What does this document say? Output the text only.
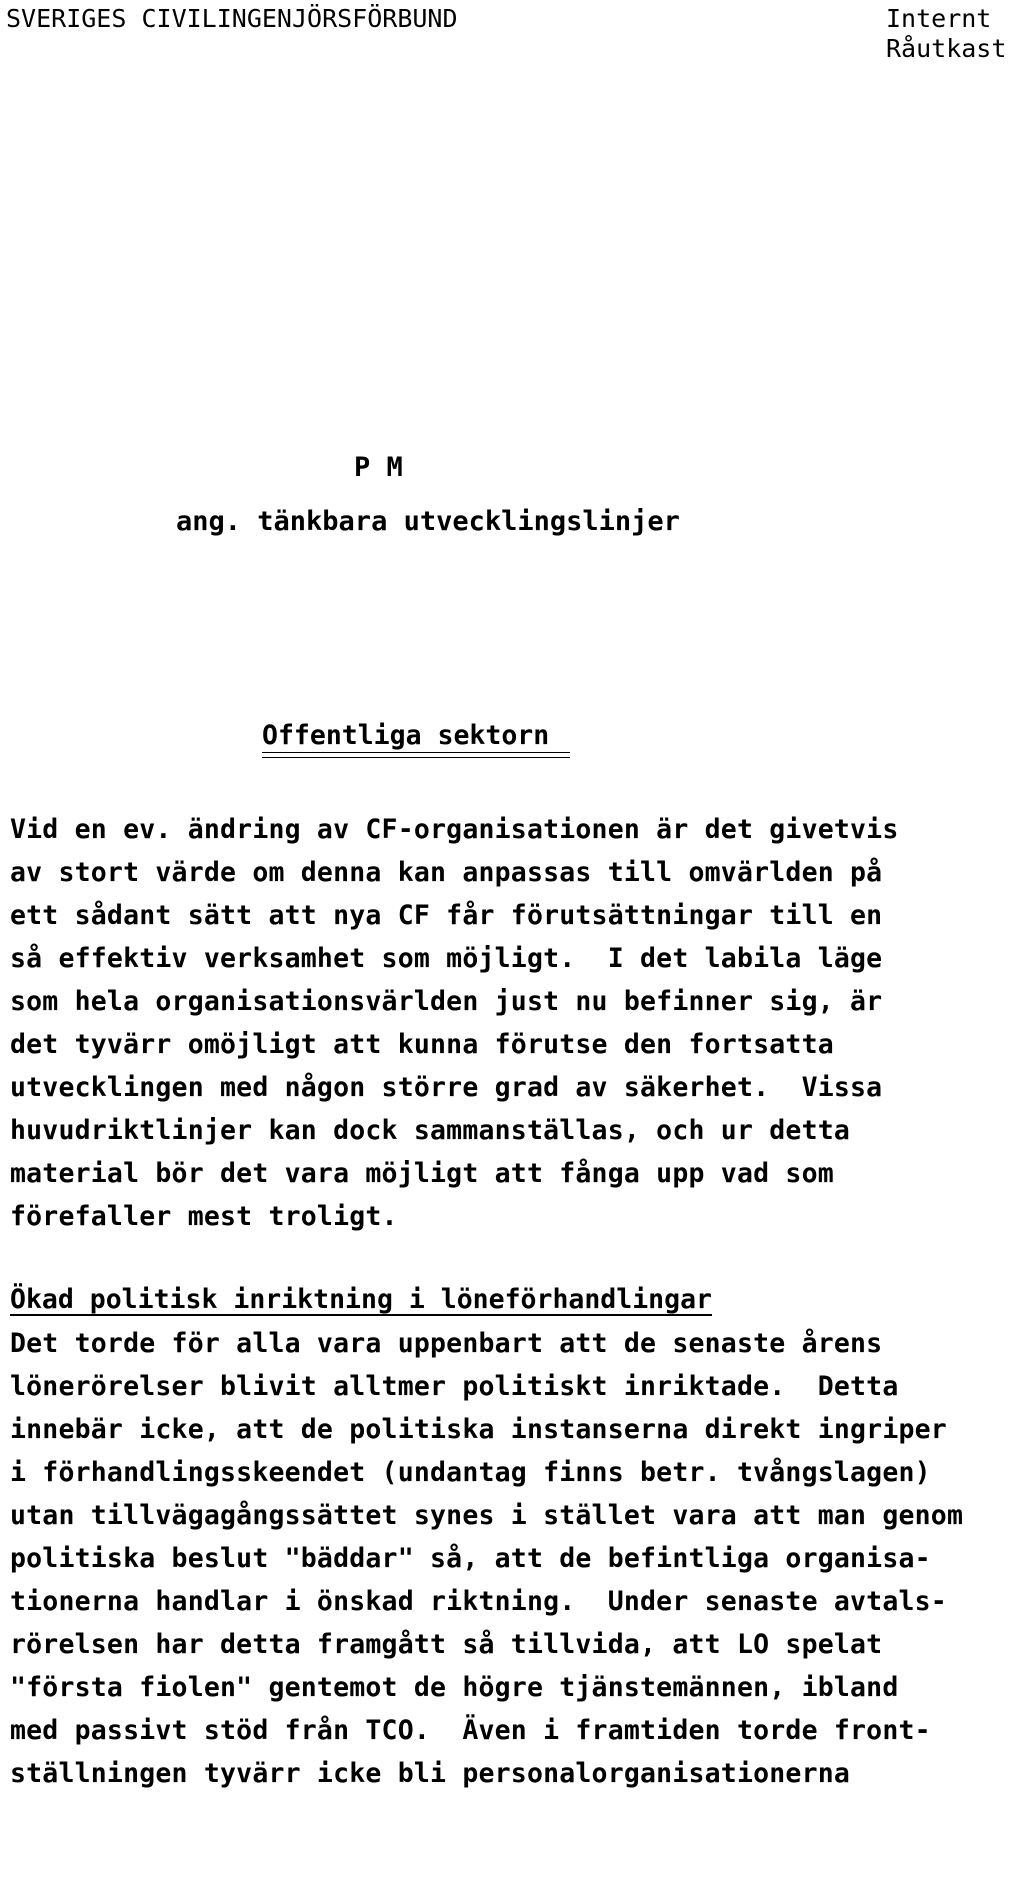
SVERIGES CIVILINGENJÖRSFÖRBUND	Internt
Råutkast
P M
ang. tänkbara utvecklingslinjer
Offentliga sektorn
Vid en ev. ändring av CF-organisationen är det givetvis
av stort värde om denna kan anpassas till omvärlden på
ett sådant sätt att nya CF får förutsättningar till en
så effektiv verksamhet som möjligt.  I det labila läge
som hela organisationsvärlden just nu befinner sig, är
det tyvärr omöjligt att kunna förutse den fortsatta
utvecklingen med någon större grad av säkerhet.  Vissa
huvudriktlinjer kan dock sammanställas, och ur detta
material bör det vara möjligt att fånga upp vad som
förefaller mest troligt.
Ökad politisk inriktning i löneförhandlingar
Det torde för alla vara uppenbart att de senaste årens
lönerörelser blivit alltmer politiskt inriktade.  Detta
innebär icke, att de politiska instanserna direkt ingriper
i förhandlingsskeendet (undantag finns betr. tvångslagen)
utan tillvägagångssättet synes i stället vara att man genom
politiska beslut "bäddar" så, att de befintliga organisa-
tionerna handlar i önskad riktning.  Under senaste avtals-
rörelsen har detta framgått så tillvida, att LO spelat
"första fiolen" gentemot de högre tjänstemännen, ibland
med passivt stöd från TCO.  Även i framtiden torde front-
ställningen tyvärr icke bli personalorganisationerna
